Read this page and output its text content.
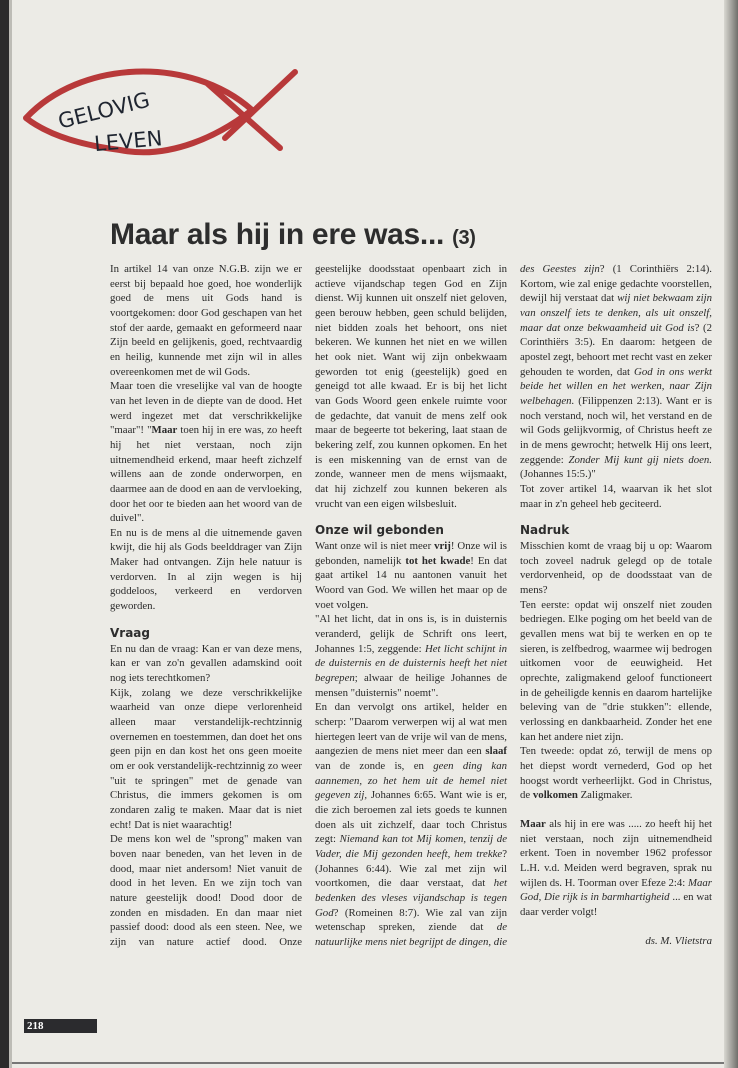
GELOVIG
LEVEN
Maar als hij in ere was... (3)

In artikel 14 van onze N.G.B. zijn we er eerst bij bepaald hoe goed, hoe wonderlijk goed de mens uit Gods hand is voortgekomen: door God geschapen van het stof der aarde, gemaakt en geformeerd naar Zijn beeld en gelijkenis, goed, rechtvaardig en heilig, kunnende met zijn wil in alles overeenkomen met de wil Gods.

Maar toen die vreselijke val van de hoogte van het leven in de diepte van de dood. Het werd ingezet met dat verschrikkelijke "maar"! "Maar toen hij in ere was, zo heeft hij het niet verstaan, noch zijn uitnemendheid erkend, maar heeft zichzelf willens aan de zonde onderworpen, en daarmee aan de dood en aan de vervloeking, door het oor te bieden aan het woord van de duivel".

En nu is de mens al die uitnemende gaven kwijt, die hij als Gods beelddrager van Zijn Maker had ontvangen. Zijn hele natuur is verdorven. In al zijn wegen is hij goddeloos, verkeerd en verdorven geworden.

Vraag

En nu dan de vraag: Kan er van deze mens, kan er van zo'n gevallen adamskind ooit nog iets terechtkomen?

Kijk, zolang we deze verschrikkelijke waarheid van onze diepe verlorenheid alleen maar verstandelijk-rechtzinnig overnemen en toestemmen, dan doet het ons geen pijn en dan kost het ons geen moeite om er ook verstandelijk-rechtzinnig zo weer "uit te springen" met de genade van Christus, die immers gekomen is om zondaren zalig te maken. Maar dat is niet echt! Dat is niet waarachtig!

De mens kon wel de "sprong" maken van boven naar beneden, van het leven in de dood, maar niet andersom! Niet vanuit de dood in het leven. En we zijn toch van nature geestelijk dood! Dood door de zonden en misdaden. En dan maar niet passief dood: dood als een steen. Nee, we zijn van nature actief dood. Onze geestelijke doodsstaat openbaart zich in actieve vijandschap tegen God en Zijn dienst. Wij kunnen uit onszelf niet geloven, geen berouw hebben, geen schuld belijden, niet bidden zoals het behoort, ons niet bekeren. We kunnen het niet en we willen het ook niet. Want wij zijn onbekwaam geworden tot enig (geestelijk) goed en geneigd tot alle kwaad. Er is bij het licht van Gods Woord geen enkele ruimte voor de gedachte, dat vanuit de mens zelf ook maar de begeerte tot bekering, laat staan de bekering zelf, zou kunnen opkomen. En het is een miskenning van de ernst van de zonde, wanneer men de mens wijsmaakt, dat hij zichzelf zou kunnen bekeren als vrucht van een eigen wilsbesluit.

Onze wil gebonden

Want onze wil is niet meer vrij! Onze wil is gebonden, namelijk tot het kwade! En dat gaat artikel 14 nu aantonen vanuit het Woord van God. We willen het maar op de voet volgen.

"Al het licht, dat in ons is, is in duisternis veranderd, gelijk de Schrift ons leert, Johannes 1:5, zeggende: Het licht schijnt in de duisternis en de duisternis heeft het niet begrepen; alwaar de heilige Johannes de mensen "duisternis" noemt".

En dan vervolgt ons artikel, helder en scherp: "Daarom verwerpen wij al wat men hiertegen leert van de vrije wil van de mens, aangezien de mens niet meer dan een slaaf van de zonde is, en geen ding kan aannemen, zo het hem uit de hemel niet gegeven zij, Johannes 6:65. Want wie is er, die zich beroemen zal iets goeds te kunnen doen als uit zichzelf, daar toch Christus zegt: Niemand kan tot Mij komen, tenzij de Vader, die Mij gezonden heeft, hem trekke? (Johannes 6:44). Wie zal met zijn wil voortkomen, die daar verstaat, dat het bedenken des vleses vijandschap is tegen God? (Romeinen 8:7). Wie zal van zijn wetenschap spreken, ziende dat de natuurlijke mens niet begrijpt de dingen, die des Geestes zijn? (1 Corinthiërs 2:14). Kortom, wie zal enige gedachte voorstellen, dewijl hij verstaat dat wij niet bekwaam zijn van onszelf iets te denken, als uit onszelf, maar dat onze bekwaamheid uit God is? (2 Corinthiërs 3:5). En daarom: hetgeen de apostel zegt, behoort met recht vast en zeker gehouden te worden, dat God in ons werkt beide het willen en het werken, naar Zijn welbehagen. (Filippenzen 2:13). Want er is noch verstand, noch wil, het verstand en de wil Gods gelijkvormig, of Christus heeft ze in de mens gewrocht; hetwelk Hij ons leert, zeggende: Zonder Mij kunt gij niets doen. (Johannes 15:5.)"

Tot zover artikel 14, waarvan ik het slot maar in z'n geheel heb geciteerd.

Nadruk

Misschien komt de vraag bij u op: Waarom toch zoveel nadruk gelegd op de totale verdorvenheid, op de doodsstaat van de mens?

Ten eerste: opdat wij onszelf niet zouden bedriegen. Elke poging om het beeld van de gevallen mens wat bij te werken en op te sieren, is zelfbedrog, waarmee wij bedrogen uitkomen voor de eeuwigheid. Het oprechte, zaligmakend geloof functioneert in de geheiligde kennis en daarom hartelijke beleving van de "drie stukken": ellende, verlossing en dankbaarheid. Zonder het ene kan het andere niet zijn.

Ten tweede: opdat zó, terwijl de mens op het diepst wordt vernederd, God op het hoogst wordt verheerlijkt. God in Christus, de volkomen Zaligmaker.

Maar als hij in ere was ..... zo heeft hij het niet verstaan, noch zijn uitnemendheid erkent. Toen in november 1962 professor L.H. v.d. Meiden werd begraven, sprak nu wijlen ds. H. Toorman over Efeze 2:4: Maar God, Die rijk is in barmhartigheid ... en wat daar verder volgt!

ds. M. Vlietstra

218
